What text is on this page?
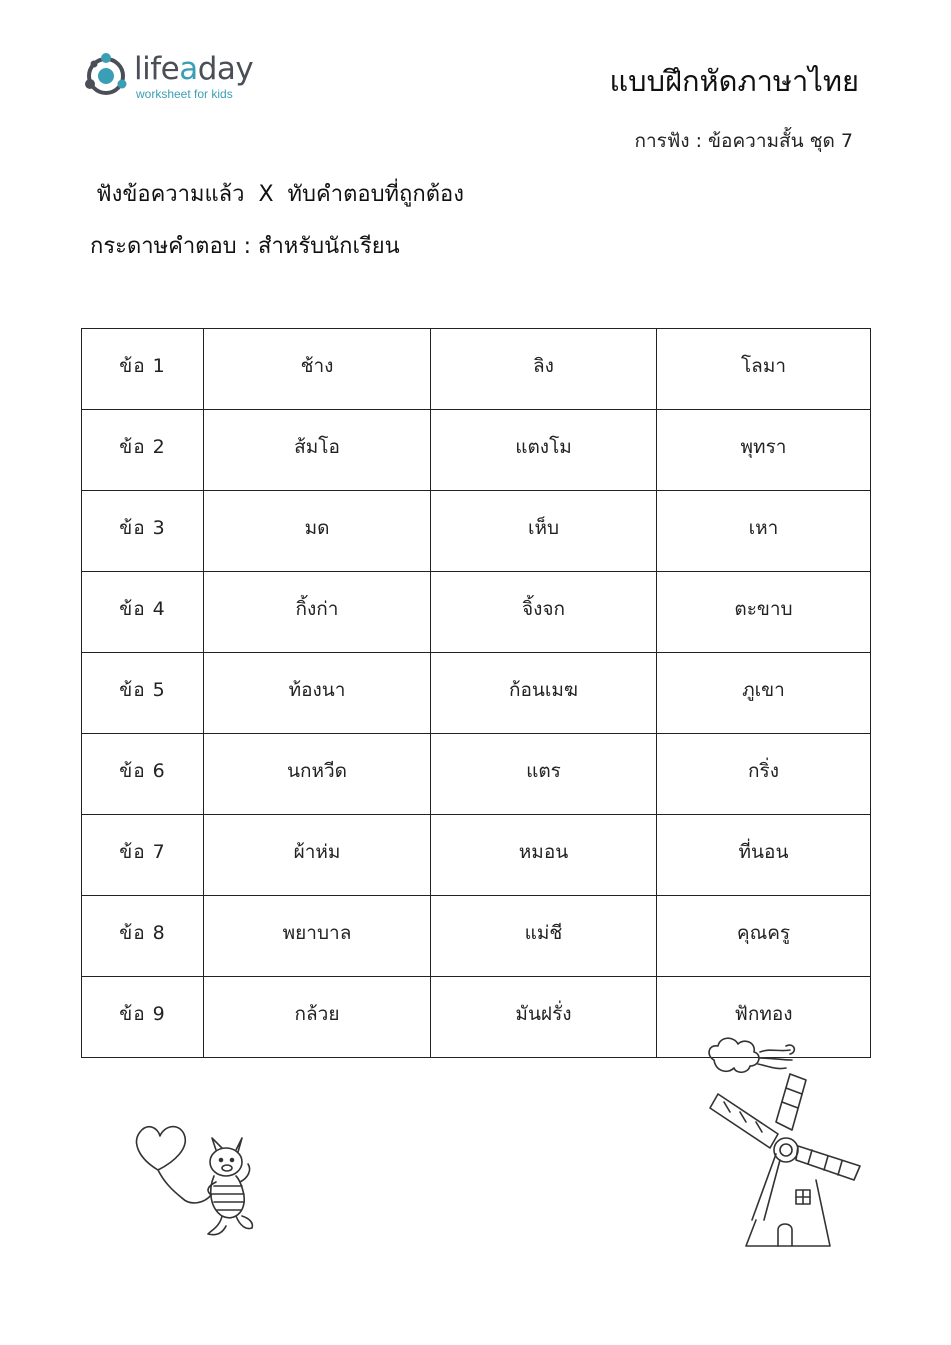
lifeaday
worksheet for kids	แบบฝึกหัดภาษาไทย
การฟัง : ข้อความสั้น ชุด 7
ฟังข้อความแล้ว  X  ทับคำตอบที่ถูกต้อง
กระดาษคำตอบ : สำหรับนักเรียน
ข้อ 1	ช้าง	ลิง	โลมา
ข้อ 2	ส้มโอ	แตงโม	พุทรา
ข้อ 3	มด	เห็บ	เหา
ข้อ 4	กิ้งก่า	จิ้งจก	ตะขาบ
ข้อ 5	ท้องนา	ก้อนเมฆ	ภูเขา
ข้อ 6	นกหวีด	แตร	กริ่ง
ข้อ 7	ผ้าห่ม	หมอน	ที่นอน
ข้อ 8	พยาบาล	แม่ชี	คุณครู
ข้อ 9	กล้วย	มันฝรั่ง	ฟักทอง
